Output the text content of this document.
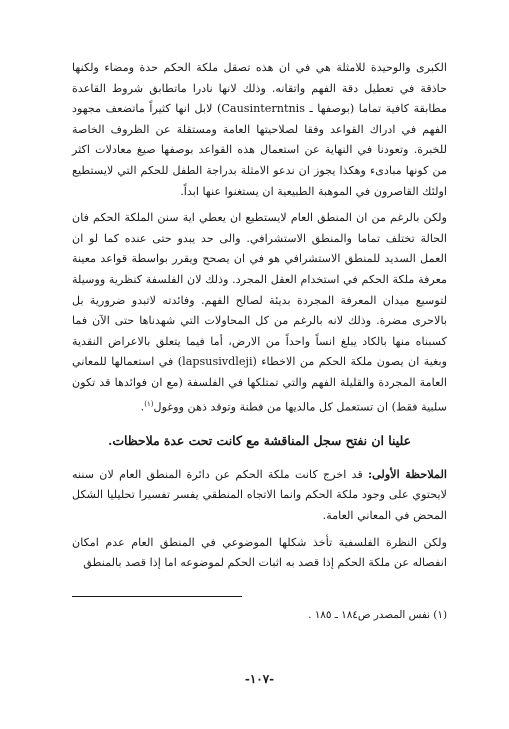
الكبرى والوحيدة للامثلة هي في ان هذه تصقل ملكة الحكم حدة ومضاء ولكنها حاذقة في تعطيل دقة الفهم واتقانه. وذلك لانها نادرا ماتطابق شروط القاعدة مطابقة كافية تماما (بوصفها ـ Causinterntnis) لابل انها كثيراً ماتضعف مجهود الفهم في ادراك القواعد وفقا لصلاحيتها العامة ومستقلة عن الظروف الخاصة للخبرة. وتعودنا في النهاية عن استعمال هذه القواعد بوصفها صيغ معادلات اكثر من كونها مبادىء وهكذا يجوز ان ندعو الامثلة بدراجة الطفل للحكم التي لايستطيع اولئك القاصرون في الموهبة الطبيعية ان يستغنوا عنها ابداً.

ولكن بالرغم من ان المنطق العام لايستطيع ان يعطي اية سنن الملكة الحكم فان الحالة تختلف تماما والمنطق الاستشرافي. والى حد يبدو حتى عنده كما لو ان العمل السديد للمنطق الاستشرافي هو في ان يصحح ويقرر بواسطة قواعد معينة معرفة ملكة الحكم في استخدام العقل المجرد. وذلك لان الفلسفة كنظرية ووسيلة لتوسيع ميدان المعرفة المجردة بديئة لصالح الفهم. وفائدته لاتبدو ضرورية بل بالاحرى مضرة. وذلك لانه بالرغم من كل المحاولات التي شهدناها حتى الآن فما كسبناه منها بالكاد يبلغ انساً واحداً من الارض، أما فيما يتعلق بالاعراض النقدية وبغية ان يصون ملكة الحكم من الاخطاء (lapsusivdleji) في استعمالها للمعاني العامة المجردة والقليلة الفهم والتي تمتلكها في الفلسفة (مع ان فوائدها قد تكون سلبية فقط) ان تستعمل كل مالديها من فطنة وتوقد ذهن ووغول$^{(١)}$.

علينا ان نفتح سجل المناقشة مع كانت تحت عدة ملاحظات.

الملاحظة الأولى: قد اخرج كانت ملكة الحكم عن دائرة المنطق العام لان سننه لايحتوي على وجود ملكة الحكم وانما الاتجاه المنطقي يفسر تفسيرا تحليليا الشكل المحض في المعاني العامة.

ولكن النظرة الفلسفية تأخذ شكلها الموضوعي في المنطق العام عدم امكان انفصاله عن ملكة الحكم إذا قصد به اثبات الحكم لموضوعه اما إذا قصد بالمنطق

(١) نفس المصدر ص١٨٤ ـ ١٨٥ .
-١٠٧-
